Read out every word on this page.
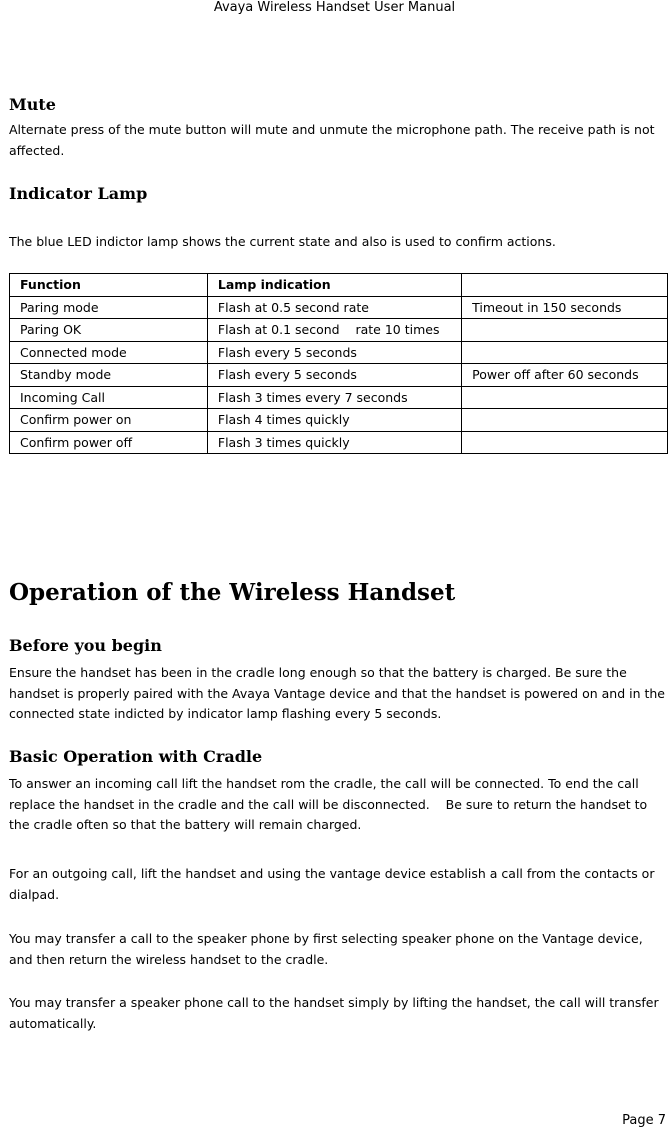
Avaya Wireless Handset User Manual
Mute

Alternate press of the mute button will mute and unmute the microphone path. The receive path is not affected.

Indicator Lamp

The blue LED indictor lamp shows the current state and also is used to confirm actions.

Function	Lamp indication	
Paring mode	Flash at 0.5 second rate	Timeout in 150 seconds
Paring OK	Flash at 0.1 second    rate 10 times	
Connected mode	Flash every 5 seconds	
Standby mode	Flash every 5 seconds	Power off after 60 seconds
Incoming Call	Flash 3 times every 7 seconds	
Confirm power on	Flash 4 times quickly	
Confirm power off	Flash 3 times quickly	
Operation of the Wireless Handset
Before you begin

Ensure the handset has been in the cradle long enough so that the battery is charged. Be sure the handset is properly paired with the Avaya Vantage device and that the handset is powered on and in the connected state indicted by indicator lamp flashing every 5 seconds.

Basic Operation with Cradle

To answer an incoming call lift the handset rom the cradle, the call will be connected. To end the call replace the handset in the cradle and the call will be disconnected.    Be sure to return the handset to the cradle often so that the battery will remain charged.

For an outgoing call, lift the handset and using the vantage device establish a call from the contacts or dialpad.

You may transfer a call to the speaker phone by first selecting speaker phone on the Vantage device, and then return the wireless handset to the cradle.

You may transfer a speaker phone call to the handset simply by lifting the handset, the call will transfer automatically.

Page 7
